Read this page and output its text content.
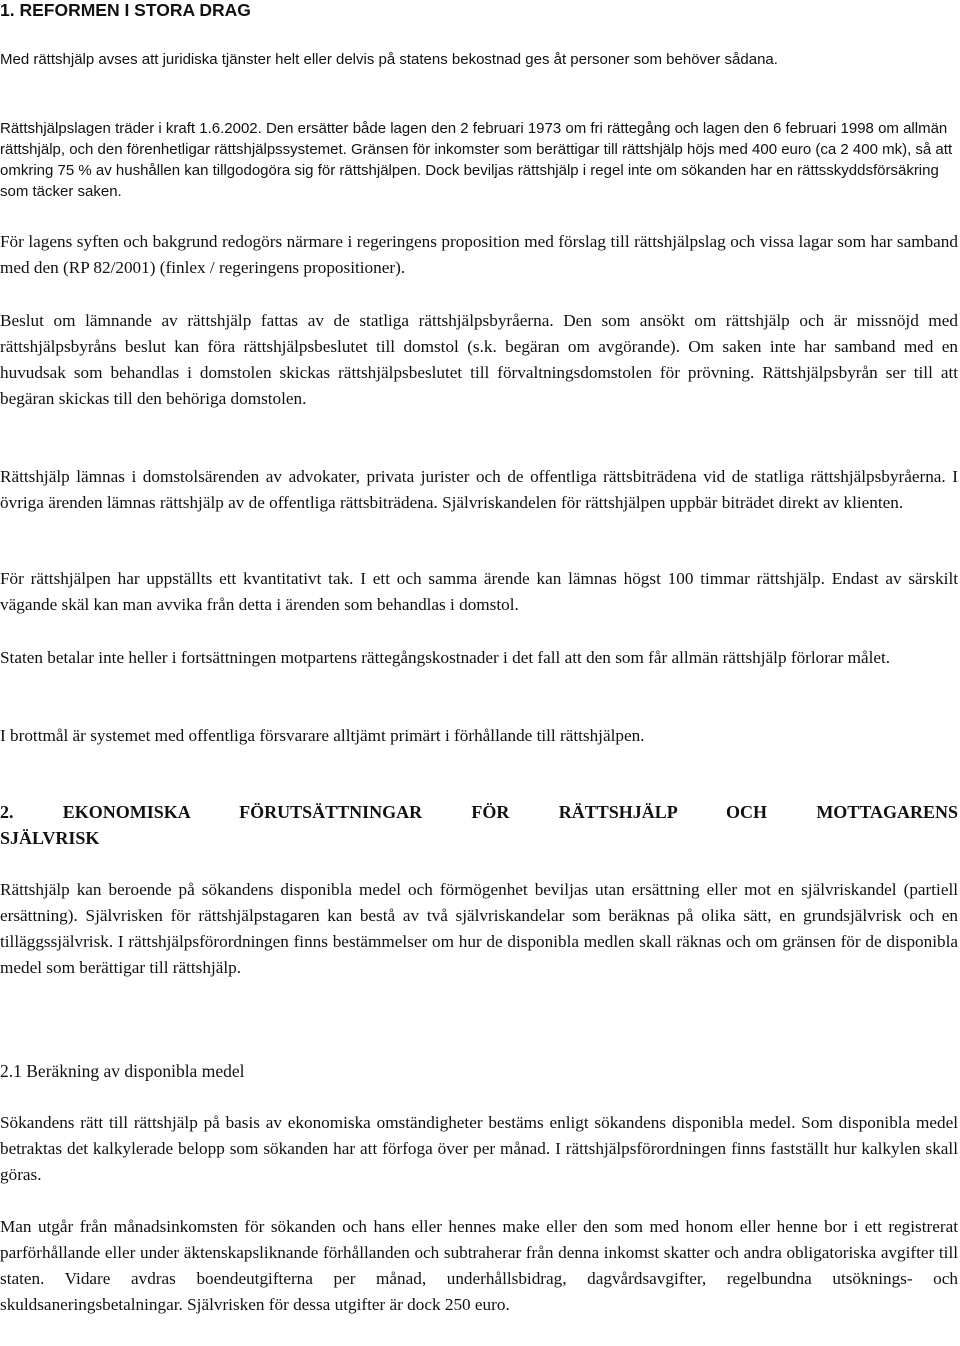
1. REFORMEN I STORA DRAG

Med rättshjälp avses att juridiska tjänster helt eller delvis på statens bekostnad ges åt personer som behöver sådana.

Rättshjälpslagen träder i kraft 1.6.2002. Den ersätter både lagen den 2 februari 1973 om fri rättegång och lagen den 6 februari 1998 om allmän rättshjälp, och den förenhetligar rättshjälpssystemet. Gränsen för inkomster som berättigar till rättshjälp höjs med 400 euro (ca 2 400 mk), så att omkring 75 % av hushållen kan tillgodogöra sig för rättshjälpen. Dock beviljas rättshjälp i regel inte om sökanden har en rättsskyddsförsäkring som täcker saken.

För lagens syften och bakgrund redogörs närmare i regeringens proposition med förslag till rättshjälpslag och vissa lagar som har samband med den (RP 82/2001) (finlex / regeringens propositioner).

Beslut om lämnande av rättshjälp fattas av de statliga rättshjälpsbyråerna. Den som ansökt om rättshjälp och är missnöjd med rättshjälpsbyråns beslut kan föra rättshjälpsbeslutet till domstol (s.k. begäran om avgörande). Om saken inte har samband med en huvudsak som behandlas i domstolen skickas rättshjälpsbeslutet till förvaltningsdomstolen för prövning. Rättshjälpsbyrån ser till att begäran skickas till den behöriga domstolen.

Rättshjälp lämnas i domstolsärenden av advokater, privata jurister och de offentliga rättsbiträdena vid de statliga rättshjälpsbyråerna. I övriga ärenden lämnas rättshjälp av de offentliga rättsbiträdena. Självriskandelen för rättshjälpen uppbär biträdet direkt av klienten.

För rättshjälpen har uppställts ett kvantitativt tak. I ett och samma ärende kan lämnas högst 100 timmar rättshjälp. Endast av särskilt vägande skäl kan man avvika från detta i ärenden som behandlas i domstol.

Staten betalar inte heller i fortsättningen motpartens rättegångskostnader i det fall att den som får allmän rättshjälp förlorar målet.

I brottmål är systemet med offentliga försvarare alltjämt primärt i förhållande till rättshjälpen.

2. EKONOMISKA FÖRUTSÄTTNINGAR FÖR RÄTTSHJÄLP OCH MOTTAGARENS
SJÄLVRISK

Rättshjälp kan beroende på sökandens disponibla medel och förmögenhet beviljas utan ersättning eller mot en självriskandel (partiell ersättning). Självrisken för rättshjälpstagaren kan bestå av två självriskandelar som beräknas på olika sätt, en grundsjälvrisk och en tilläggssjälvrisk. I rättshjälpsförordningen finns bestämmelser om hur de disponibla medlen skall räknas och om gränsen för de disponibla medel som berättigar till rättshjälp.

2.1 Beräkning av disponibla medel

Sökandens rätt till rättshjälp på basis av ekonomiska omständigheter bestäms enligt sökandens disponibla medel. Som disponibla medel betraktas det kalkylerade belopp som sökanden har att förfoga över per månad. I rättshjälpsförordningen finns fastställt hur kalkylen skall göras.

Man utgår från månadsinkomsten för sökanden och hans eller hennes make eller den som med honom eller henne bor i ett registrerat parförhållande eller under äktenskapsliknande förhållanden och subtraherar från denna inkomst skatter och andra obligatoriska avgifter till staten. Vidare avdras boendeutgifterna per månad, underhållsbidrag, dagvårdsavgifter, regelbundna utsöknings- och skuldsaneringsbetalningar. Självrisken för dessa utgifter är dock 250 euro.
